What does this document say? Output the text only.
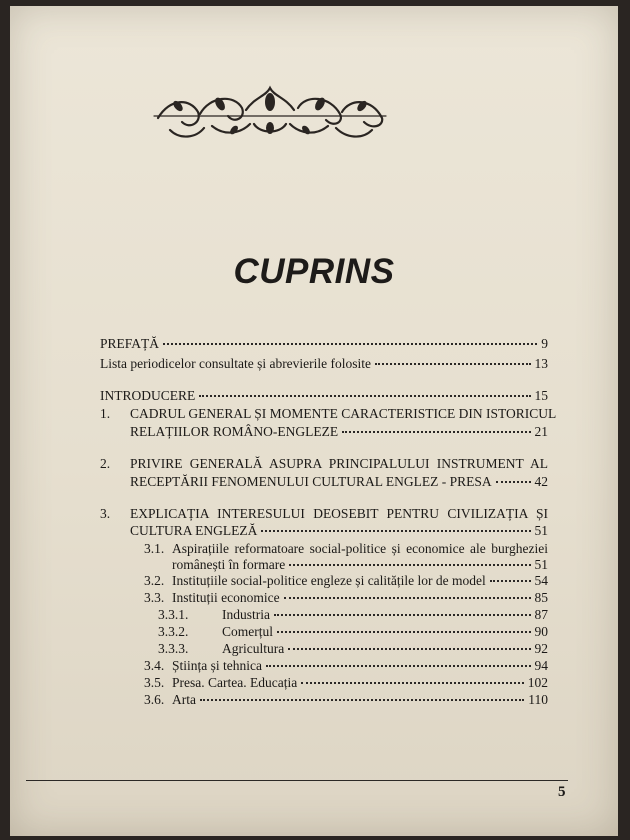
CUPRINS
PREFAȚĂ	9
Lista periodicelor consultate și abrevierile folosite	13
INTRODUCERE	15
1. CADRUL GENERAL ȘI MOMENTE CARACTERISTICE DIN ISTORICUL
RELAȚIILOR ROMÂNO-ENGLEZE	21
2. PRIVIRE GENERALĂ ASUPRA PRINCIPALULUI INSTRUMENT AL
RECEPTĂRII FENOMENULUI CULTURAL ENGLEZ - PRESA	42
3. EXPLICAȚIA INTERESULUI DEOSEBIT PENTRU CIVILIZAȚIA ȘI
CULTURA ENGLEZĂ	51
3.1. Aspirațiile reformatoare social-politice și economice ale burgheziei
românești în formare	51
3.2. Instituțiile social-politice engleze și calitățile lor de model	54
3.3. Instituții economice	85
3.3.1. Industria	87
3.3.2. Comerțul	90
3.3.3. Agricultura	92
3.4. Știința și tehnica	94
3.5. Presa. Cartea. Educația	102
3.6. Arta	110
5
